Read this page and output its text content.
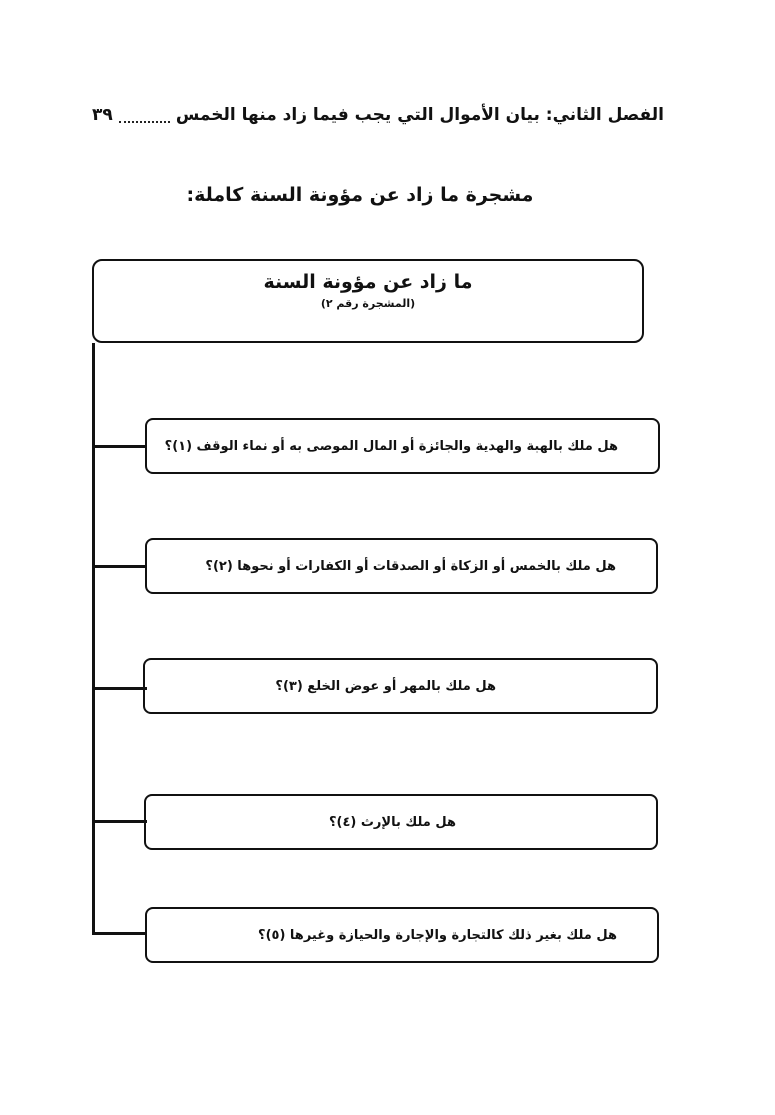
الفصل الثاني: بيان الأموال التي يجب فيما زاد منها الخمس
٣٩
مشجرة ما زاد عن مؤونة السنة كاملة:
ما زاد عن مؤونة السنة
(المشجرة رقم ٢)
هل ملك بالهبة والهدية والجائزة أو المال الموصى به أو نماء الوقف (١)؟
هل ملك بالخمس أو الزكاة أو الصدقات أو الكفارات أو نحوها (٢)؟
هل ملك بالمهر أو عوض الخلع (٣)؟
هل ملك بالإرث (٤)؟
هل ملك بغير ذلك كالتجارة والإجارة والحيازة وغيرها (٥)؟
